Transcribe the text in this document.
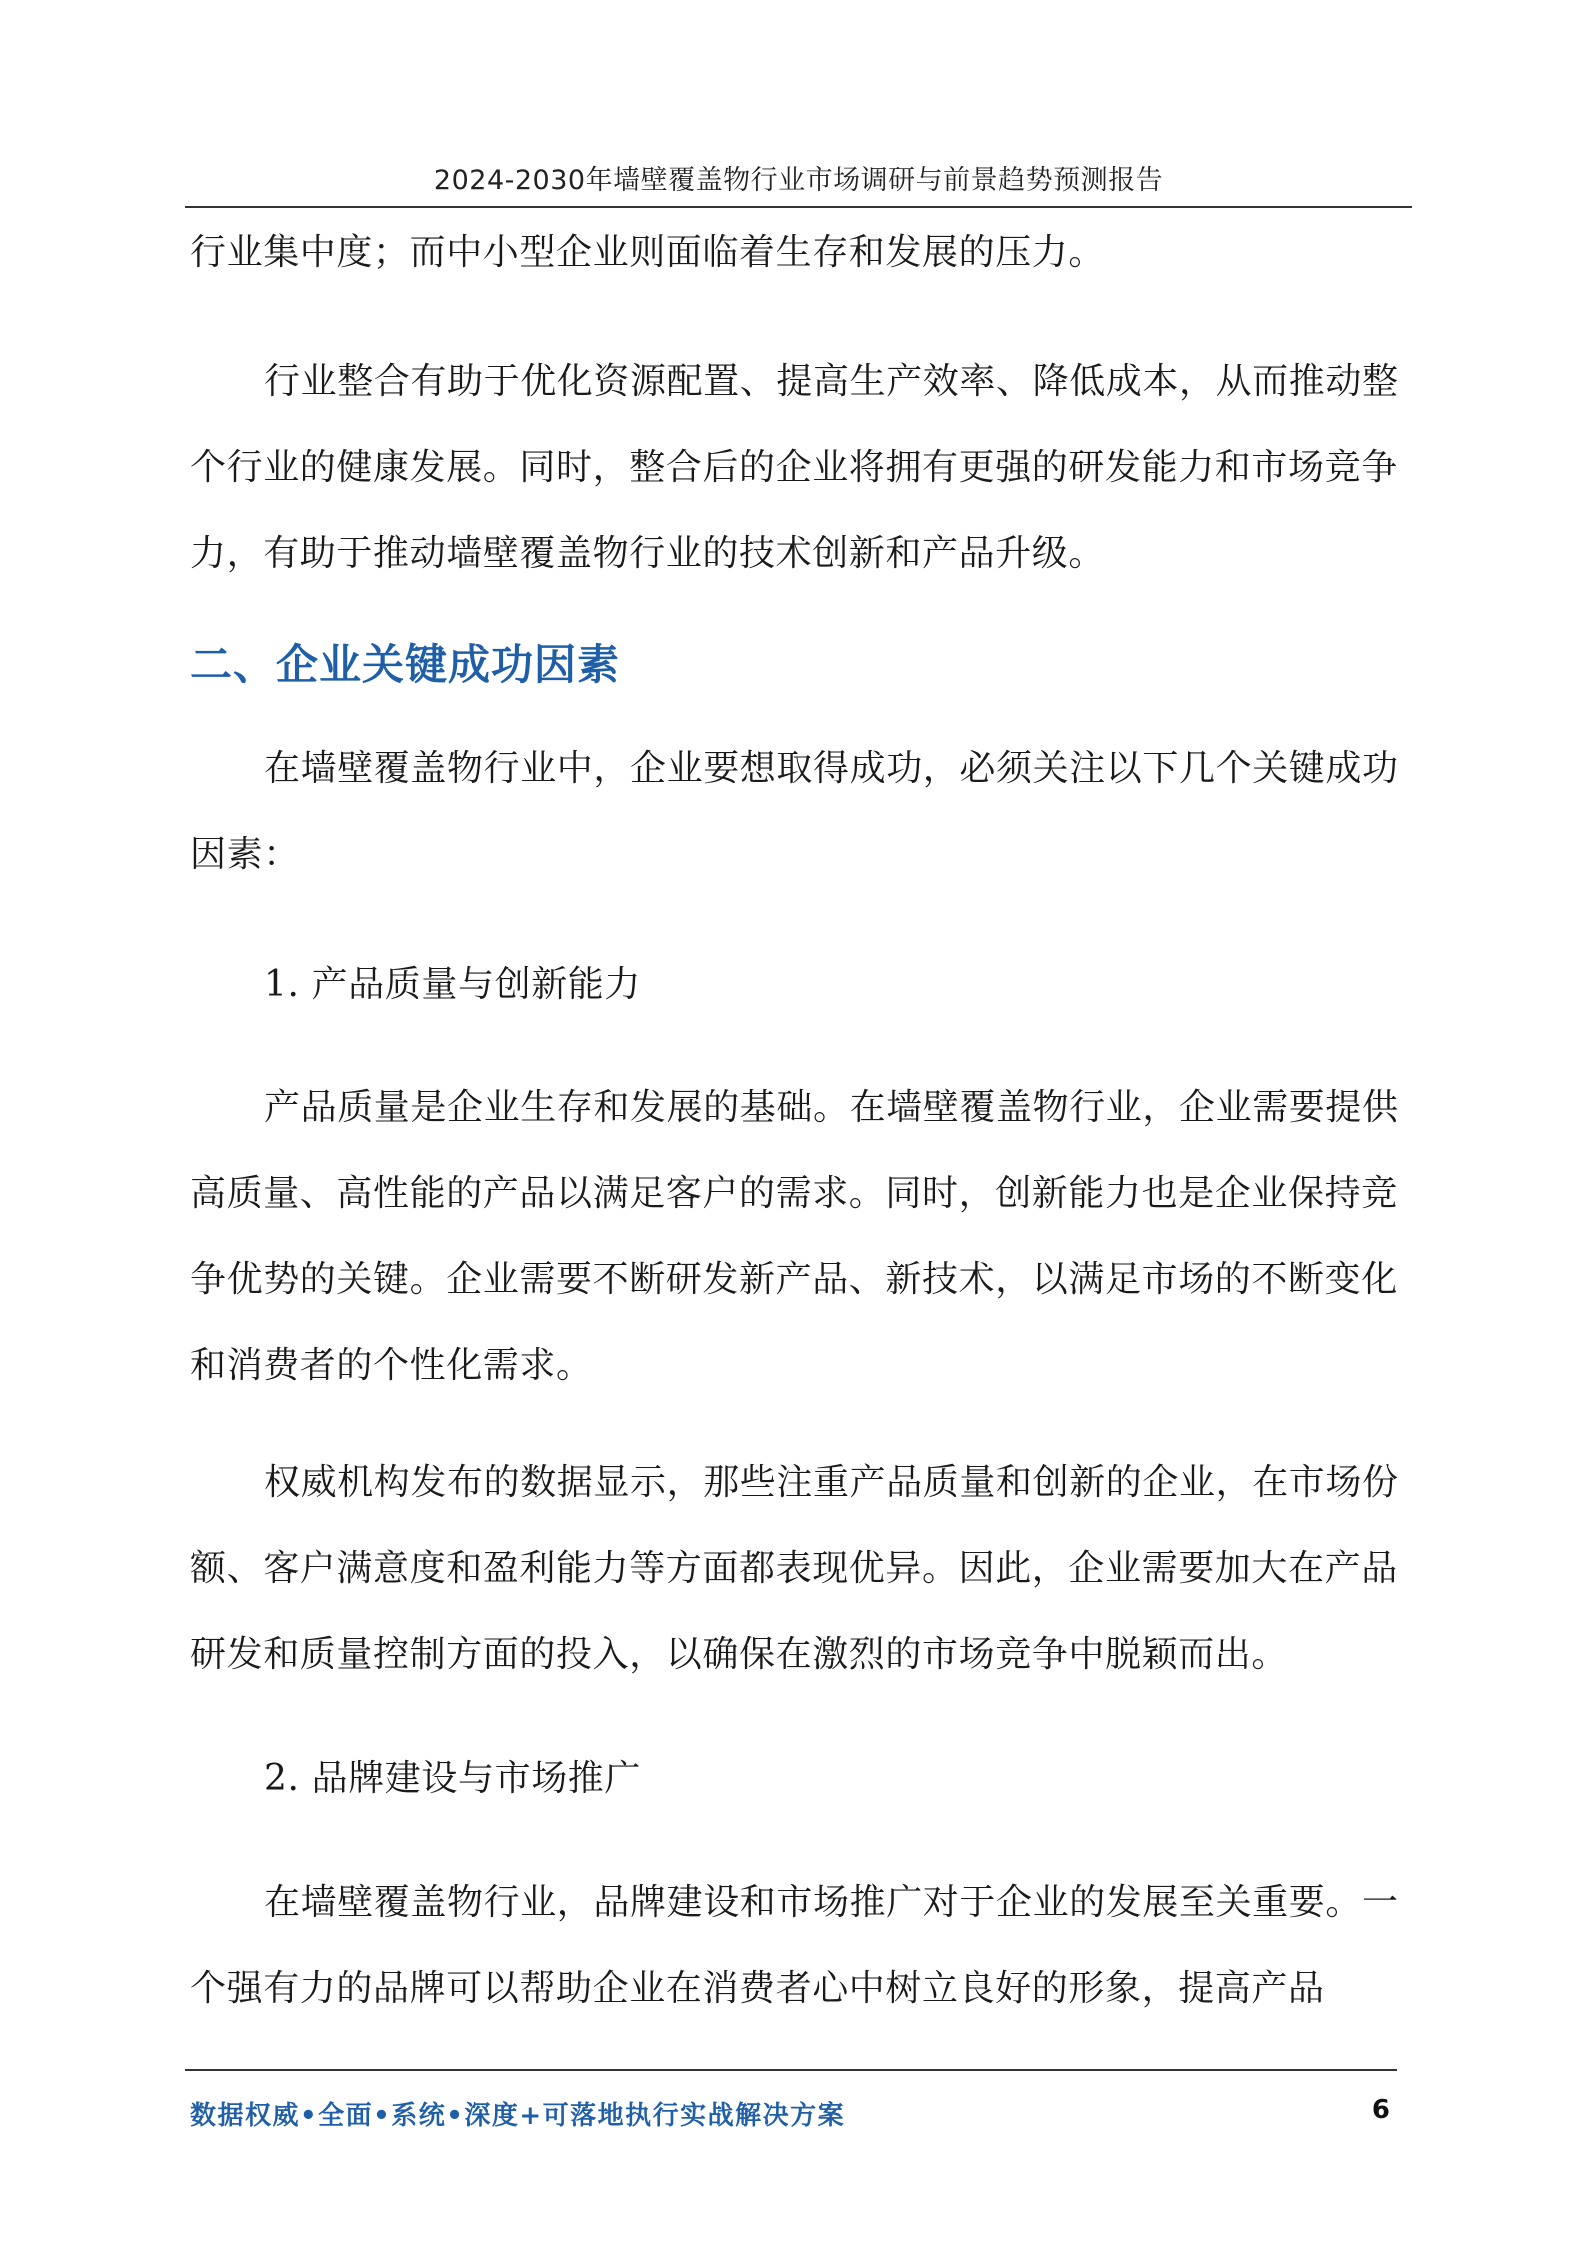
2024-2030年墙壁覆盖物行业市场调研与前景趋势预测报告

行业集中度；而中小型企业则面临着生存和发展的压力。

行业整合有助于优化资源配置、提高生产效率、降低成本，从而推动整个行业的健康发展。同时，整合后的企业将拥有更强的研发能力和市场竞争力，有助于推动墙壁覆盖物行业的技术创新和产品升级。

二、企业关键成功因素

在墙壁覆盖物行业中，企业要想取得成功，必须关注以下几个关键成功因素：

1. 产品质量与创新能力

产品质量是企业生存和发展的基础。在墙壁覆盖物行业，企业需要提供高质量、高性能的产品以满足客户的需求。同时，创新能力也是企业保持竞争优势的关键。企业需要不断研发新产品、新技术，以满足市场的不断变化和消费者的个性化需求。

权威机构发布的数据显示，那些注重产品质量和创新的企业，在市场份额、客户满意度和盈利能力等方面都表现优异。因此，企业需要加大在产品研发和质量控制方面的投入，以确保在激烈的市场竞争中脱颖而出。

2. 品牌建设与市场推广

在墙壁覆盖物行业，品牌建设和市场推广对于企业的发展至关重要。一个强有力的品牌可以帮助企业在消费者心中树立良好的形象，提高产品

数据权威•全面•系统•深度+可落地执行实战解决方案	6
